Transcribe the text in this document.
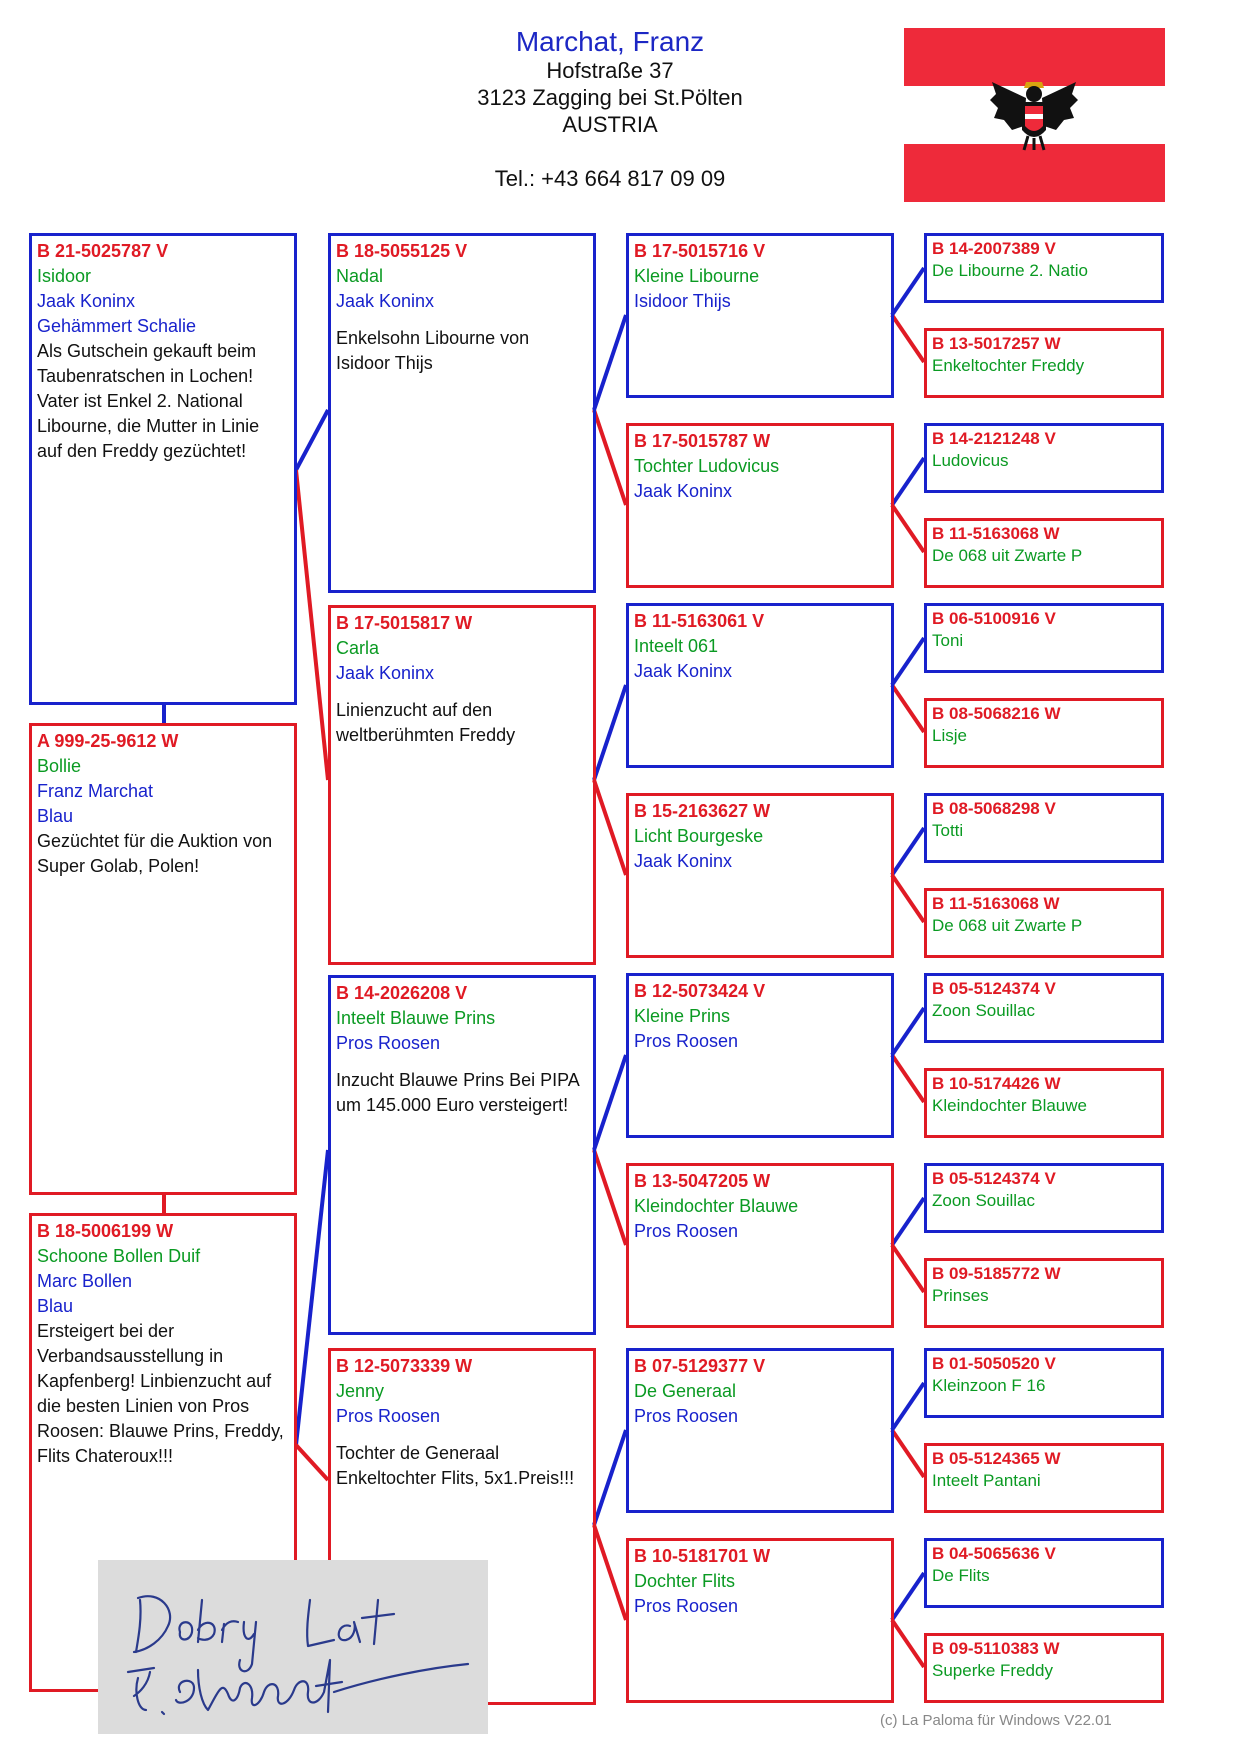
Marchat, Franz
Hofstraße 37
3123 Zagging bei St.Pölten
AUSTRIA
Tel.: +43 664 817 09 09
B 21-5025787 V
Isidoor
Jaak Koninx
Gehämmert Schalie
Als Gutschein gekauft beim Taubenratschen in Lochen! Vater ist Enkel 2. National Libourne, die Mutter in Linie auf den Freddy gezüchtet!
A 999-25-9612 W
Bollie
Franz Marchat
Blau
Gezüchtet für die Auktion von Super Golab, Polen!
B 18-5006199 W
Schoone Bollen Duif
Marc Bollen
Blau
Ersteigert bei der Verbandsausstellung in Kapfenberg! Linbienzucht auf die besten Linien von Pros Roosen: Blauwe Prins, Freddy, Flits Chateroux!!!
B 18-5055125 V
Nadal
Jaak Koninx
Enkelsohn Libourne von Isidoor Thijs
B 17-5015817 W
Carla
Jaak Koninx
Linienzucht auf den weltberühmten Freddy
B 14-2026208 V
Inteelt Blauwe Prins
Pros Roosen
Inzucht Blauwe Prins Bei PIPA um 145.000 Euro versteigert!
B 12-5073339 W
Jenny
Pros Roosen
Tochter de Generaal Enkeltochter Flits, 5x1.Preis!!!
B 17-5015716 V
Kleine Libourne
Isidoor Thijs
B 17-5015787 W
Tochter Ludovicus
Jaak Koninx
B 11-5163061 V
Inteelt 061
Jaak Koninx
B 15-2163627 W
Licht Bourgeske
Jaak Koninx
B 12-5073424 V
Kleine Prins
Pros Roosen
B 13-5047205 W
Kleindochter Blauwe
Pros Roosen
B 07-5129377 V
De Generaal
Pros Roosen
B 10-5181701 W
Dochter Flits
Pros Roosen
B 14-2007389 V
De Libourne 2. Natio
B 13-5017257 W
Enkeltochter Freddy
B 14-2121248 V
Ludovicus
B 11-5163068 W
De 068 uit Zwarte P
B 06-5100916 V
Toni
B 08-5068216 W
Lisje
B 08-5068298 V
Totti
B 11-5163068 W
De 068 uit Zwarte P
B 05-5124374 V
Zoon Souillac
B 10-5174426 W
Kleindochter Blauwe
B 05-5124374 V
Zoon Souillac
B 09-5185772 W
Prinses
B 01-5050520 V
Kleinzoon F 16
B 05-5124365 W
Inteelt Pantani
B 04-5065636 V
De Flits
B 09-5110383 W
Superke Freddy
(c) La Paloma für Windows V22.01
